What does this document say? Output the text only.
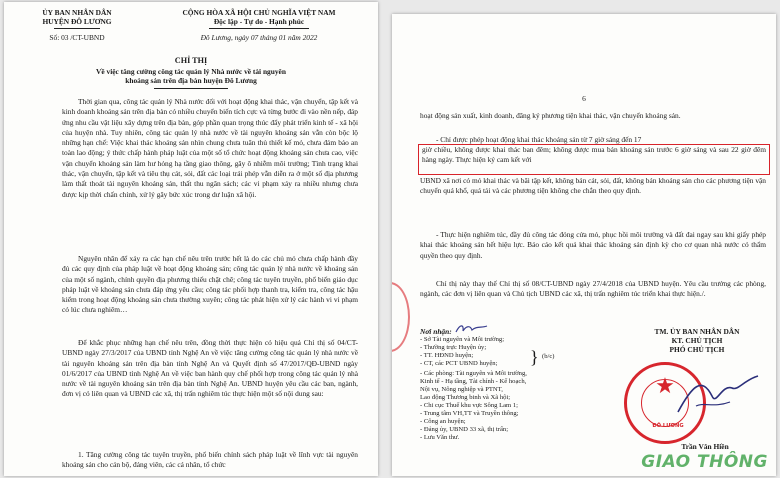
ỦY BAN NHÂN DÂN
HUYỆN ĐÔ LƯƠNG
Số: 03 /CT-UBND
CỘNG HÒA XÃ HỘI CHỦ NGHĨA VIỆT NAM
Độc lập - Tự do - Hạnh phúc
Đô Lương, ngày 07 tháng 01 năm 2022
CHỈ THỊ
Về việc tăng cường công tác quản lý Nhà nước về tài nguyên
khoáng sản trên địa bàn huyện Đô Lương
Thời gian qua, công tác quản lý Nhà nước đối với hoạt động khai thác, vận chuyển, tập kết và kinh doanh khoáng sản trên địa bàn có nhiều chuyển biến tích cực và từng bước đi vào nền nếp, đáp ứng nhu cầu vật liệu xây dựng trên địa bàn, góp phần quan trọng thúc đẩy phát triển kinh tế - xã hội của huyện nhà. Tuy nhiên, công tác quản lý nhà nước về tài nguyên khoáng sản vẫn còn bộc lộ những hạn chế: Việc khai thác khoáng sản nhìn chung chưa tuân thủ thiết kế mỏ, chưa đảm bảo an toàn lao động; ý thức chấp hành pháp luật của một số tổ chức hoạt động khoáng sản chưa cao, việc vận chuyển khoáng sản làm hư hỏng hạ tầng giao thông, gây ô nhiễm môi trường; Tình trạng khai thác, vận chuyển, tập kết và tiêu thụ cát, sỏi, đất các loại trái phép vẫn diễn ra ở một số địa phương làm thất thoát tài nguyên khoáng sản, thất thu ngân sách; các vi phạm xảy ra nhiều nhưng chưa được kịp thời chấn chỉnh, xử lý gây bức xúc trong dư luận xã hội.
Nguyên nhân để xảy ra các hạn chế nêu trên trước hết là do các chủ mỏ chưa chấp hành đầy đủ các quy định của pháp luật về hoạt động khoáng sản; công tác quản lý nhà nước về khoáng sản của một số ngành, chính quyền địa phương thiếu chặt chẽ; công tác tuyên truyền, phổ biến giáo dục pháp luật về khoáng sản chưa đáp ứng yêu cầu; công tác phối hợp thanh tra, kiểm tra, công tác hậu kiểm trong hoạt động khoáng sản chưa thường xuyên; công tác phát hiện xử lý các hành vi vi phạm có lúc chưa nghiêm…
Để khắc phục những hạn chế nêu trên, đồng thời thực hiện có hiệu quả Chỉ thị số 04/CT-UBND ngày 27/3/2017 của UBND tỉnh Nghệ An về việc tăng cường công tác quản lý nhà nước về tài nguyên khoáng sản trên địa bàn tỉnh Nghệ An và Quyết định số 47/2017/QĐ-UBND ngày 01/6/2017 của UBND tỉnh Nghệ An về việc ban hành quy chế phối hợp trong công tác quản lý nhà nước về tài nguyên khoáng sản trên địa bàn tỉnh Nghệ An. UBND huyện yêu cầu các ban, ngành, đơn vị có liên quan và UBND các xã, thị trấn nghiêm túc thực hiện một số nội dung sau:
1. Tăng cường công tác tuyên truyền, phổ biến chính sách pháp luật về lĩnh vực tài nguyên khoáng sản cho cán bộ, đảng viên, các cá nhân, tổ chức
6
hoạt động sản xuất, kinh doanh, đăng ký phương tiện khai thác, vận chuyển khoáng sản.
- Chỉ được phép hoạt động khai thác khoáng sản từ 7 giờ sáng đến 17
giờ chiều, không được khai thác ban đêm; không được mua bán khoáng sản trước 6 giờ sáng và sau 22 giờ đêm hàng ngày. Thực hiện ký cam kết với
UBND xã nơi có mỏ khai thác và bãi tập kết, không bán cát, sỏi, đất, không bán khoáng sản cho các phương tiện vận chuyển quá khổ, quá tải và các phương tiện không che chắn theo quy định.
- Thực hiện nghiêm túc, đầy đủ công tác đóng cửa mỏ, phục hồi môi trường và đất đai ngay sau khi giấy phép khai thác khoáng sản hết hiệu lực. Báo cáo kết quả khai thác khoáng sản định kỳ cho cơ quan nhà nước có thẩm quyền theo quy định.
Chỉ thị này thay thế Chỉ thị số 08/CT-UBND ngày 27/4/2018 của UBND huyện. Yêu cầu trưởng các phòng, ngành, các đơn vị liên quan và Chủ tịch UBND các xã, thị trấn nghiêm túc triển khai thực hiện./.
Nơi nhận:
- Sở Tài nguyên và Môi trường;
- Thường trực Huyện ủy;
- TT. HĐND huyện;
- CT, các PCT UBND huyện;
- Các phòng: Tài nguyên và Môi trường,
Kinh tế - Hạ tầng, Tài chính - Kế hoạch,
Nội vụ, Nông nghiệp và PTNT,
Lao động Thương binh và Xã hội;
- Chi cục Thuế khu vực Sông Lam 1;
- Trung tâm VH,TT và Truyền thông;
- Công an huyện;
- Đảng ủy, UBND 33 xã, thị trấn;
- Lưu Văn thư.
} (b/c)
TM. ỦY BAN NHÂN DÂN
KT. CHỦ TỊCH
PHÓ CHỦ TỊCH
★
ĐÔ LƯƠNG
Trần Văn Hiền
GIAO THÔNG
